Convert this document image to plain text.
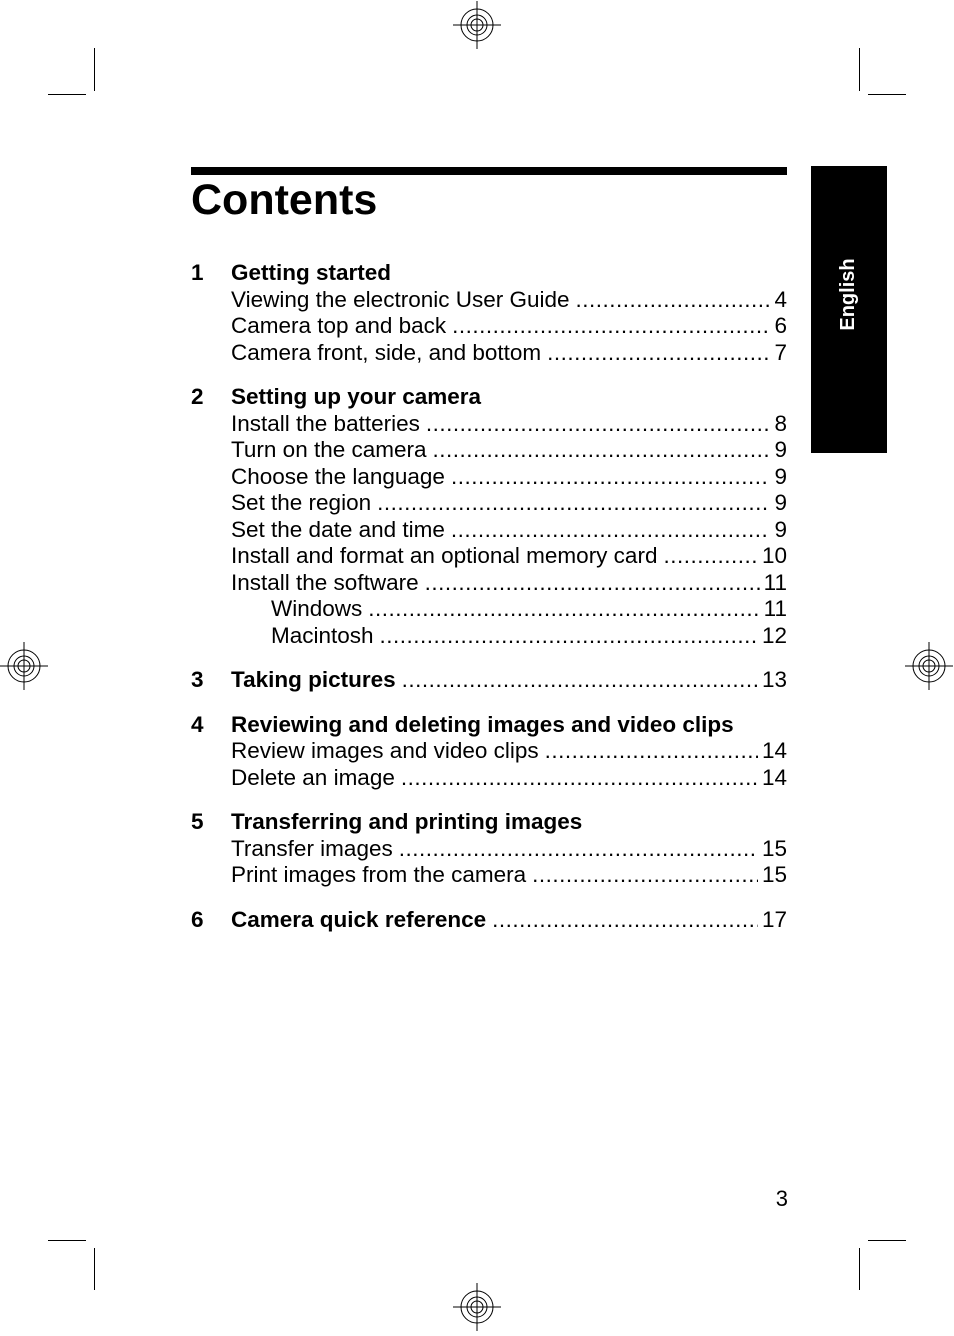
Contents
English
1	Getting started
Viewing the electronic User Guide .....	4
Camera top and back .....	6
Camera front, side, and bottom .....	7
2	Setting up your camera
Install the batteries .....	8
Turn on the camera .....	9
Choose the language .....	9
Set the region .....	9
Set the date and time .....	9
Install and format an optional memory card .....	10
Install the software .....	11
Windows .....	11
Macintosh .....	12
3	Taking pictures .....	13
4	Reviewing and deleting images and video clips
Review images and video clips .....	14
Delete an image .....	14
5	Transferring and printing images
Transfer images .....	15
Print images from the camera .....	15
6	Camera quick reference .....	17
3
